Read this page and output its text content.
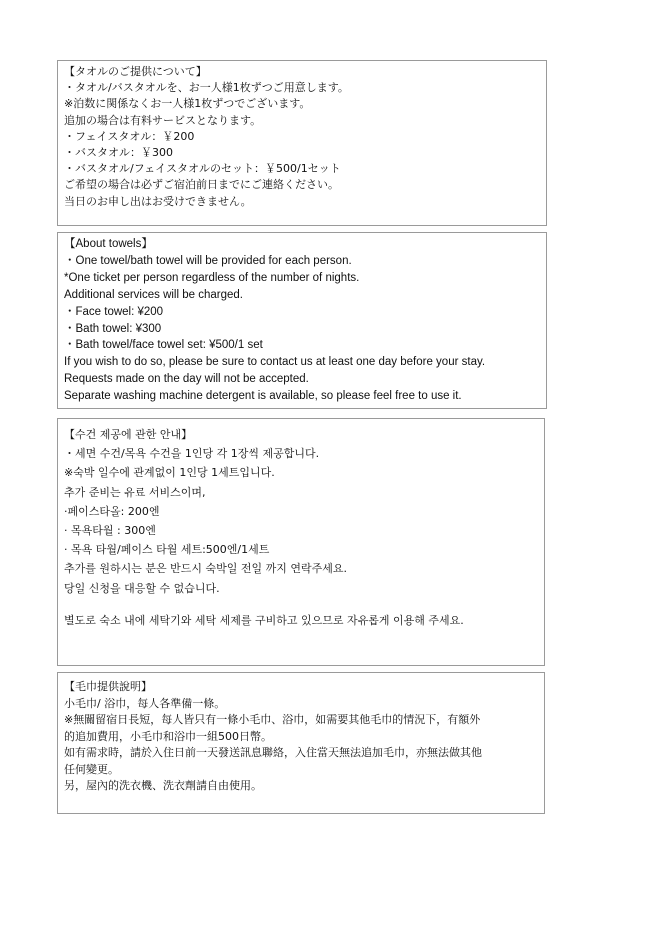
【タオルのご提供について】
・タオル/バスタオルを、お一人様1枚ずつご用意します。
※泊数に関係なくお一人様1枚ずつでございます。
追加の場合は有料サービスとなります。
・フェイスタオル：￥200
・バスタオル：￥300
・バスタオル/フェイスタオルのセット：￥500/1セット
ご希望の場合は必ずご宿泊前日までにご連絡ください。
当日のお申し出はお受けできません。
【About towels】
・One towel/bath towel will be provided for each person.
*One ticket per person regardless of the number of nights.
Additional services will be charged.
・Face towel: ¥200
・Bath towel: ¥300
・Bath towel/face towel set: ¥500/1 set
If you wish to do so, please be sure to contact us at least one day before your stay.
Requests made on the day will not be accepted.
Separate washing machine detergent is available, so please feel free to use it.
【수건 제공에 관한 안내】
・세면 수건/목욕 수건을 1인당 각 1장씩 제공합니다.
※숙박 일수에 관계없이 1인당 1세트입니다.
추가 준비는 유료 서비스이며,
·페이스타올: 200엔
· 목욕타월 : 300엔
· 목욕 타월/페이스 타월 세트:500엔/1세트
추가를 원하시는 분은 반드시 숙박일 전일 까지 연락주세요.
당일 신청을 대응할 수 없습니다.
별도로 숙소 내에 세탁기와 세탁 세제를 구비하고 있으므로 자유롭게 이용해 주세요.
【毛巾提供說明】
小毛巾/ 浴巾，每人各準備一條。
※無關留宿日長短，每人皆只有一條小毛巾、浴巾，如需要其他毛巾的情況下，有額外
的追加費用，小毛巾和浴巾一組500日幣。
如有需求時，請於入住日前一天發送訊息聯絡，入住當天無法追加毛巾，亦無法做其他
任何變更。
另，屋內的洗衣機、洗衣劑請自由使用。
